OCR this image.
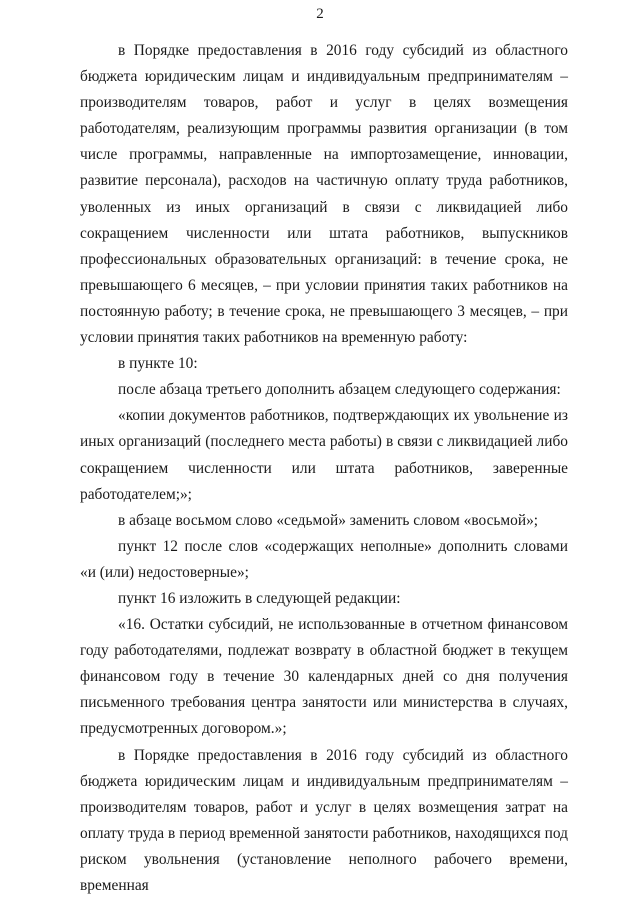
2

в Порядке предоставления в 2016 году субсидий из областного бюджета юридическим лицам и индивидуальным предпринимателям – производителям товаров, работ и услуг в целях возмещения работодателям, реализующим программы развития организации (в том числе программы, направленные на импортозамещение, инновации, развитие персонала), расходов на частичную оплату труда работников, уволенных из иных организаций в связи с ликвидацией либо сокращением численности или штата работников, выпускников профессиональных образовательных организаций: в течение срока, не превышающего 6 месяцев, – при условии принятия таких работников на постоянную работу; в течение срока, не превышающего 3 месяцев, – при условии принятия таких работников на временную работу:

в пункте 10:

после абзаца третьего дополнить абзацем следующего содержания:

«копии документов работников, подтверждающих их увольнение из иных организаций (последнего места работы) в связи с ликвидацией либо сокращением численности или штата работников, заверенные работодателем;»;

в абзаце восьмом слово «седьмой» заменить словом «восьмой»;

пункт 12 после слов «содержащих неполные» дополнить словами «и (или) недостоверные»;

пункт 16 изложить в следующей редакции:

«16. Остатки субсидий, не использованные в отчетном финансовом году работодателями, подлежат возврату в областной бюджет в текущем финансовом году в течение 30 календарных дней со дня получения письменного требования центра занятости или министерства в случаях, предусмотренных договором.»;

в Порядке предоставления в 2016 году субсидий из областного бюджета юридическим лицам и индивидуальным предпринимателям – производителям товаров, работ и услуг в целях возмещения затрат на оплату труда в период временной занятости работников, находящихся под риском увольнения (установление неполного рабочего времени, временная
